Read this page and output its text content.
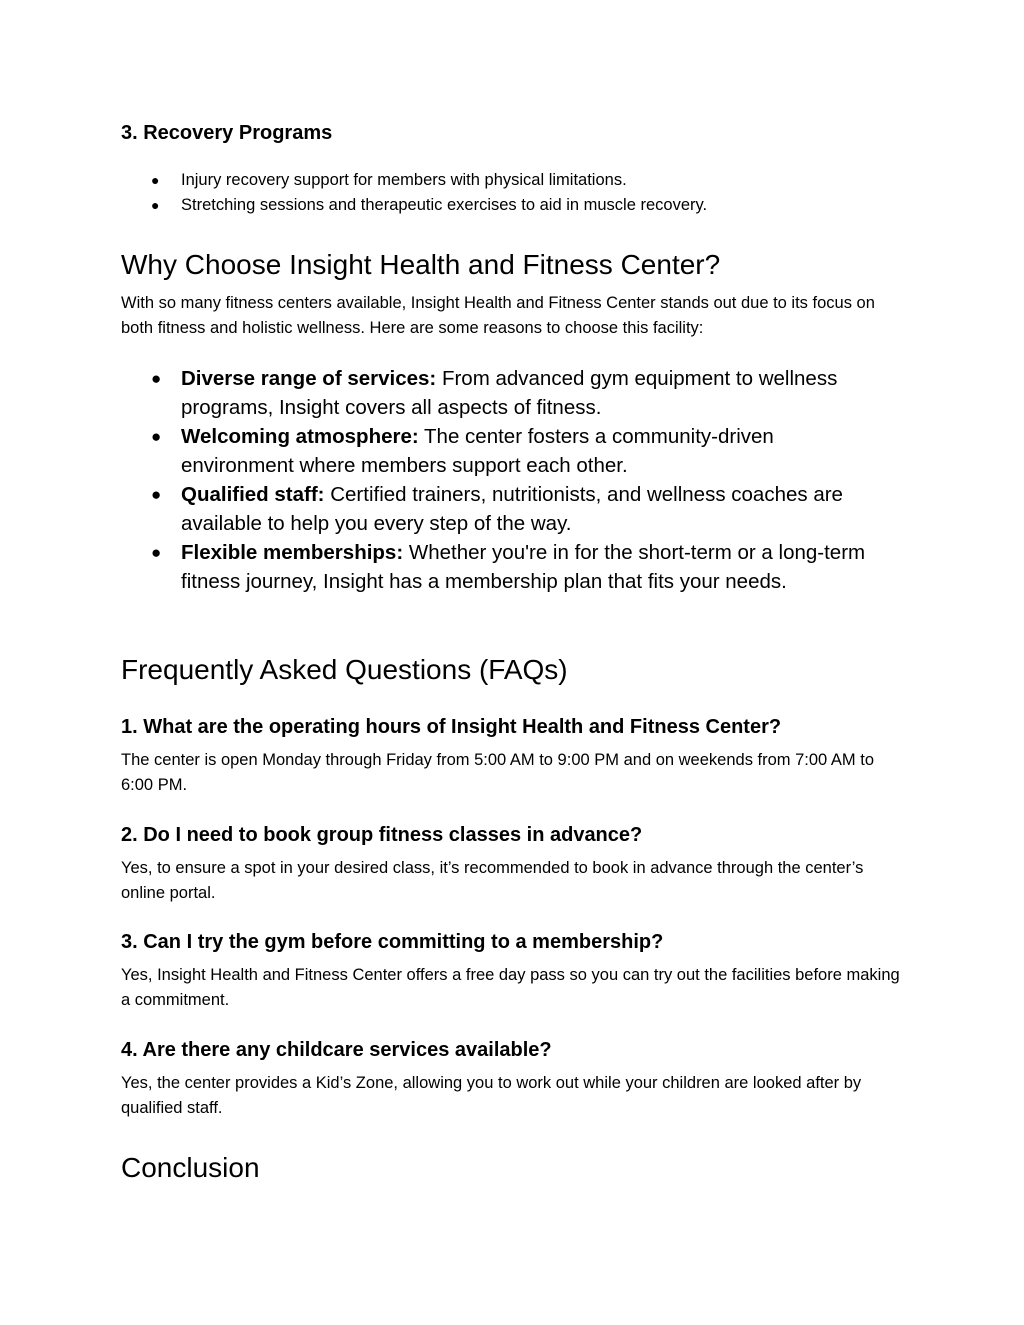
3. Recovery Programs
● Injury recovery support for members with physical limitations.
● Stretching sessions and therapeutic exercises to aid in muscle recovery.
Why Choose Insight Health and Fitness Center?

With so many fitness centers available, Insight Health and Fitness Center stands out due to its focus on both fitness and holistic wellness. Here are some reasons to choose this facility:

● Diverse range of services: From advanced gym equipment to wellness programs, Insight covers all aspects of fitness.
● Welcoming atmosphere: The center fosters a community-driven environment where members support each other.
● Qualified staff: Certified trainers, nutritionists, and wellness coaches are available to help you every step of the way.
● Flexible memberships: Whether you're in for the short-term or a long-term fitness journey, Insight has a membership plan that fits your needs.
Frequently Asked Questions (FAQs)
1. What are the operating hours of Insight Health and Fitness Center?

The center is open Monday through Friday from 5:00 AM to 9:00 PM and on weekends from 7:00 AM to 6:00 PM.

2. Do I need to book group fitness classes in advance?

Yes, to ensure a spot in your desired class, it’s recommended to book in advance through the center’s online portal.

3. Can I try the gym before committing to a membership?

Yes, Insight Health and Fitness Center offers a free day pass so you can try out the facilities before making a commitment.

4. Are there any childcare services available?

Yes, the center provides a Kid’s Zone, allowing you to work out while your children are looked after by qualified staff.

Conclusion
